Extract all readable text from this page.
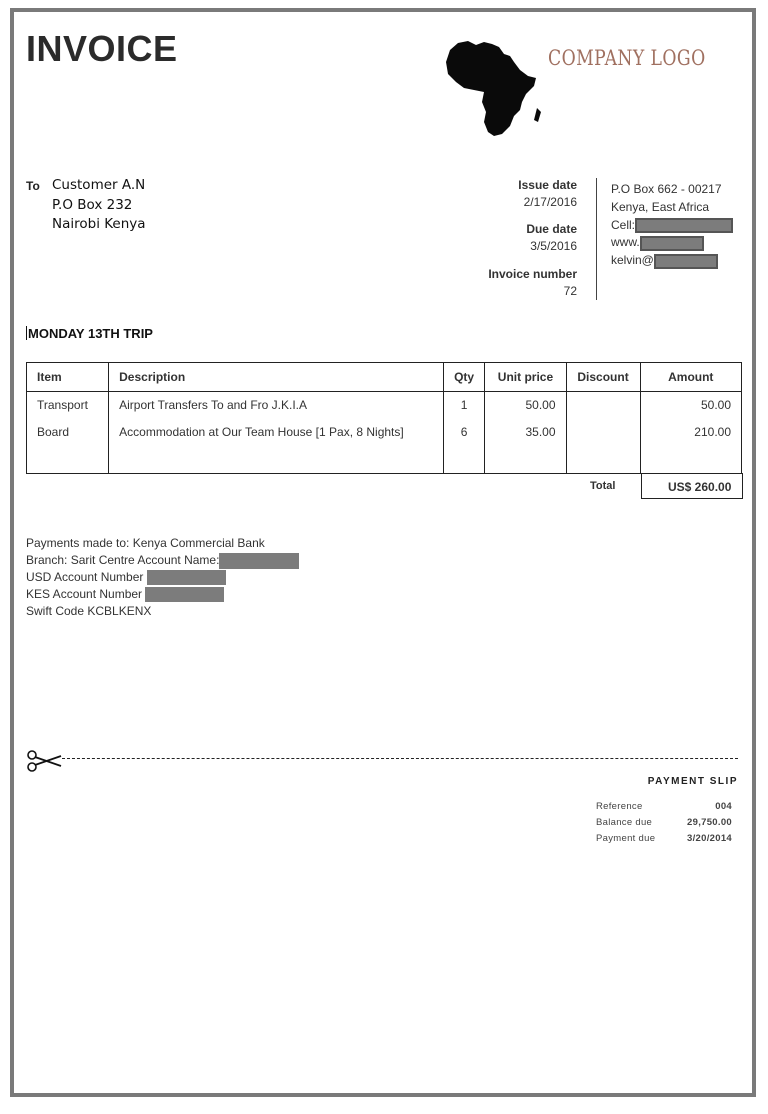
INVOICE	COMPANY LOGO
To Customer A.N
P.O Box 232
Nairobi Kenya
Issue date
2/17/2016
Due date
3/5/2016
Invoice number
72
P.O Box 662 - 00217
Kenya, East Africa
Cell:
www.
kelvin@
MONDAY 13TH TRIP
Item	Description	Qty	Unit price	Discount	Amount
Transport	Airport Transfers To and Fro J.K.I.A	1	50.00		50.00
Board	Accommodation at Our Team House [1 Pax, 8 Nights]	6	35.00		210.00

Total	US$ 260.00
Payments made to: Kenya Commercial Bank
Branch: Sarit Centre Account Name:
USD Account Number
KES Account Number
Swift Code KCBLKENX
PAYMENT SLIP
Reference	004
Balance due	29,750.00
Payment due	3/20/2014
